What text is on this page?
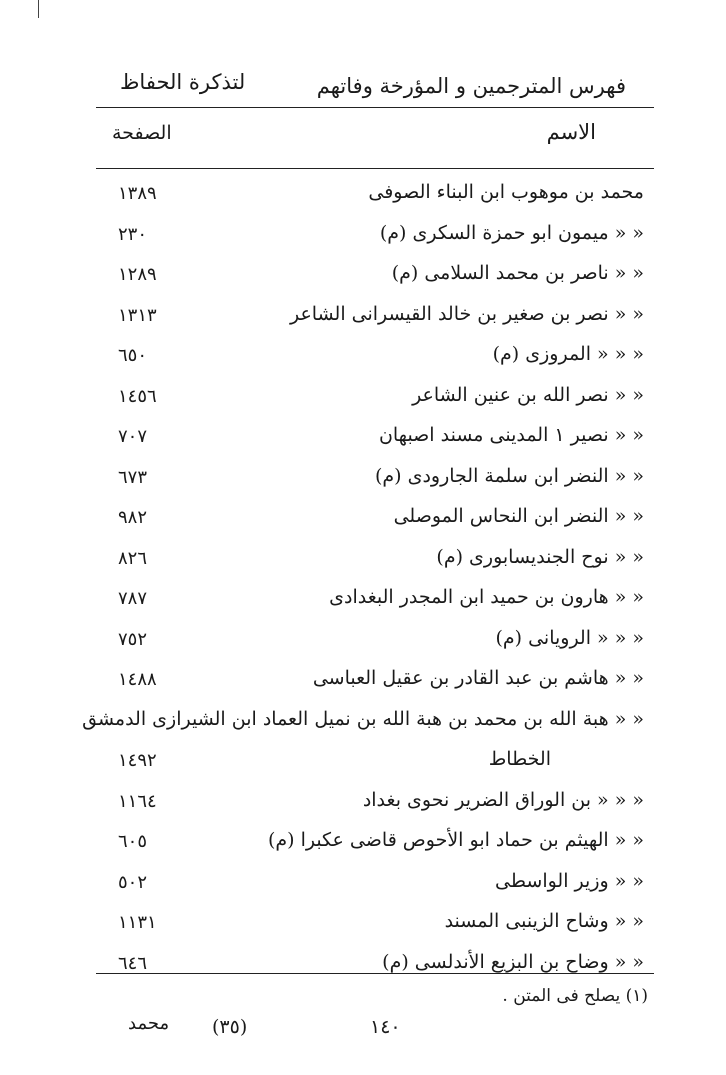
فهرس المترجمين و المؤرخة وفاتهم
لتذكرة الحفاظ
الاسم
الصفحة
محمد بن موهوب ابن البناء الصوفى
١٣٨٩
« « ميمون ابو حمزة السكرى (م)
٢٣٠
« « ناصر بن محمد السلامى (م)
١٢٨٩
« « نصر بن صغير بن خالد القيسرانى الشاعر
١٣١٣
« « « المروزى (م)
٦٥٠
« « نصر الله بن عنين الشاعر
١٤٥٦
« « نصير ١ المدينى مسند اصبهان
٧٠٧
« « النضر ابن سلمة الجارودى (م)
٦٧٣
« « النضر ابن النحاس الموصلى
٩٨٢
« « نوح الجنديسابورى (م)
٨٢٦
« « هارون بن حميد ابن المجدر البغدادى
٧٨٧
« « « الرويانى (م)
٧٥٢
« « هاشم بن عبد القادر بن عقيل العباسى
١٤٨٨
« « هبة الله بن محمد بن هبة الله بن نميل العماد ابن الشيرازى الدمشق
الخطاط
١٤٩٢
« « « بن الوراق الضرير نحوى بغداد
١١٦٤
« « الهيثم بن حماد ابو الأحوص قاضى عكبرا (م)
٦٠٥
« « وزير الواسطى
٥٠٢
« « وشاح الزينبى المسند
١١٣١
« « وضاح بن البزيع الأندلسى (م)
٦٤٦
(١) يصلح فى المتن .
محمد (٣٥)	١٤٠
